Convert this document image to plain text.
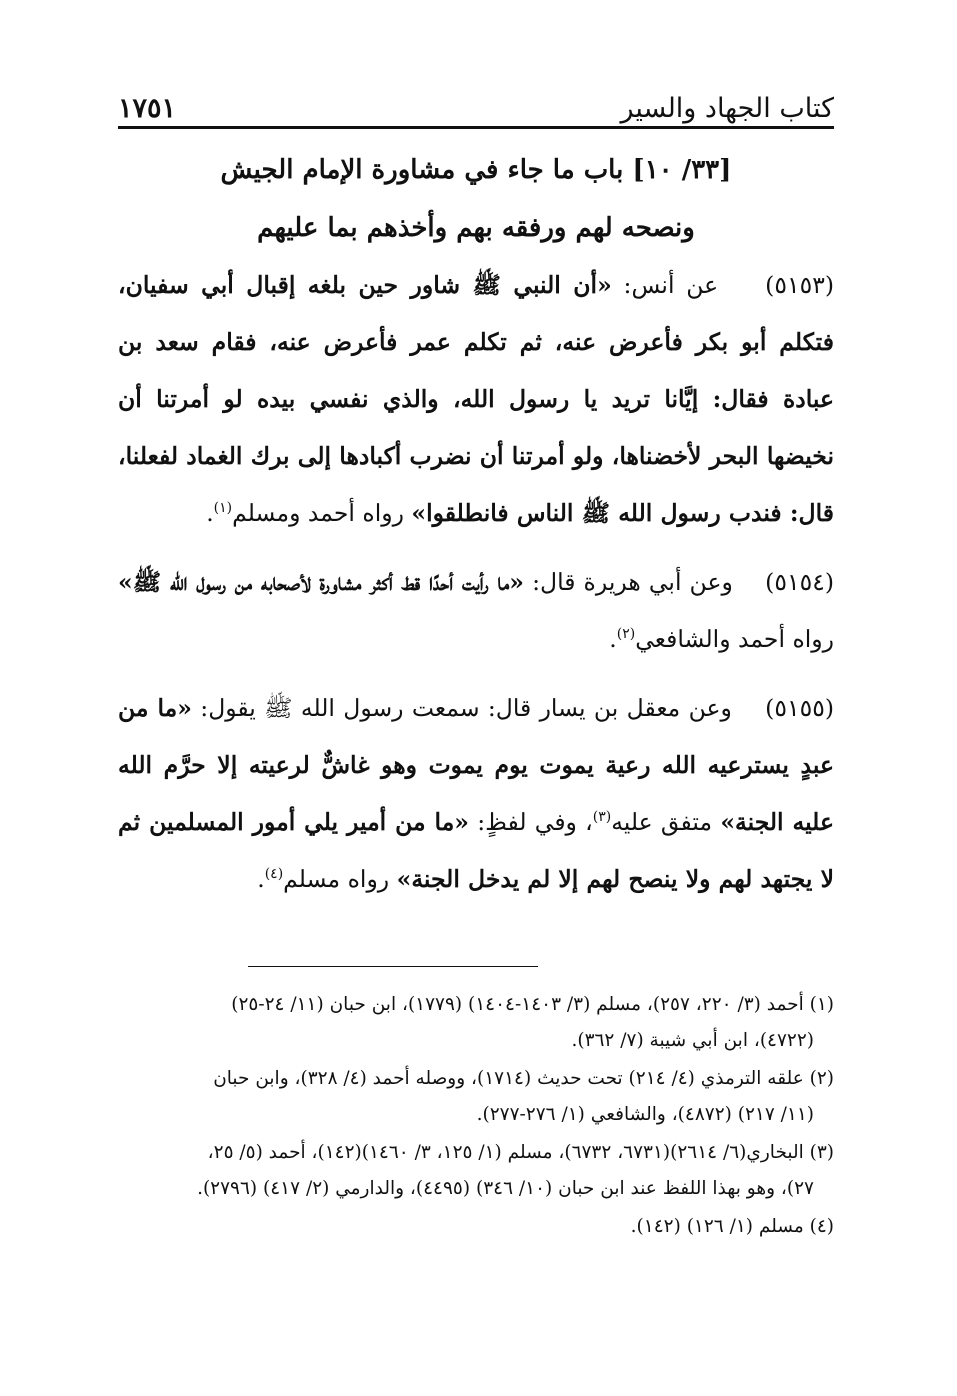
كتاب الجهاد والسير
١٧٥١
[٣٣/ ١٠] باب ما جاء في مشاورة الإمام الجيش
ونصحه لهم ورفقه بهم وأخذهم بما عليهم

(٥١٥٣)    عن أنس: «أن النبي ﷺ شاور حين بلغه إقبال أبي سفيان، فتكلم أبو بكر فأعرض عنه، ثم تكلم عمر فأعرض عنه، فقام سعد بن عبادة فقال: إيَّانا تريد يا رسول الله، والذي نفسي بيده لو أمرتنا أن نخيضها البحر لأخضناها، ولو أمرتنا أن نضرب أكبادها إلى برك الغماد لفعلنا، قال: فندب رسول الله ﷺ الناس فانطلقوا» رواه أحمد ومسلم$^{(١)}$.

(٥١٥٤)    وعن أبي هريرة قال: «ما رأيت أحدًا قط أكثر مشاورة لأصحابه من رسول الله ﷺ» رواه أحمد والشافعي$^{(٢)}$.

(٥١٥٥)    وعن معقل بن يسار قال: سمعت رسول الله ﷺ يقول: «ما من عبدٍ يسترعيه الله رعية يموت يوم يموت وهو غاشٌّ لرعيته إلا حرَّم الله عليه الجنة» متفق عليه$^{(٣)}$، وفي لفظٍ: «ما من أمير يلي أمور المسلمين ثم لا يجتهد لهم ولا ينصح لهم إلا لم يدخل الجنة» رواه مسلم$^{(٤)}$.

(١) أحمد (٣/ ٢٢٠، ٢٥٧)، مسلم (٣/ ١٤٠٣-١٤٠٤) (١٧٧٩)، ابن حبان (١١/ ٢٤-٢٥)
(٤٧٢٢)، ابن أبي شيبة (٧/ ٣٦٢).
(٢) علقه الترمذي (٤/ ٢١٤) تحت حديث (١٧١٤)، ووصله أحمد (٤/ ٣٢٨)، وابن حبان
(١١/ ٢١٧) (٤٨٧٢)، والشافعي (١/ ٢٧٦-٢٧٧).
(٣) البخاري(٦/ ٢٦١٤)(٦٧٣١، ٦٧٣٢)، مسلم (١/ ١٢٥، ٣/ ١٤٦٠)(١٤٢)، أحمد (٥/ ٢٥،
٢٧)، وهو بهذا اللفظ عند ابن حبان (١٠/ ٣٤٦) (٤٤٩٥)، والدارمي (٢/ ٤١٧) (٢٧٩٦).
(٤) مسلم (١/ ١٢٦) (١٤٢).
